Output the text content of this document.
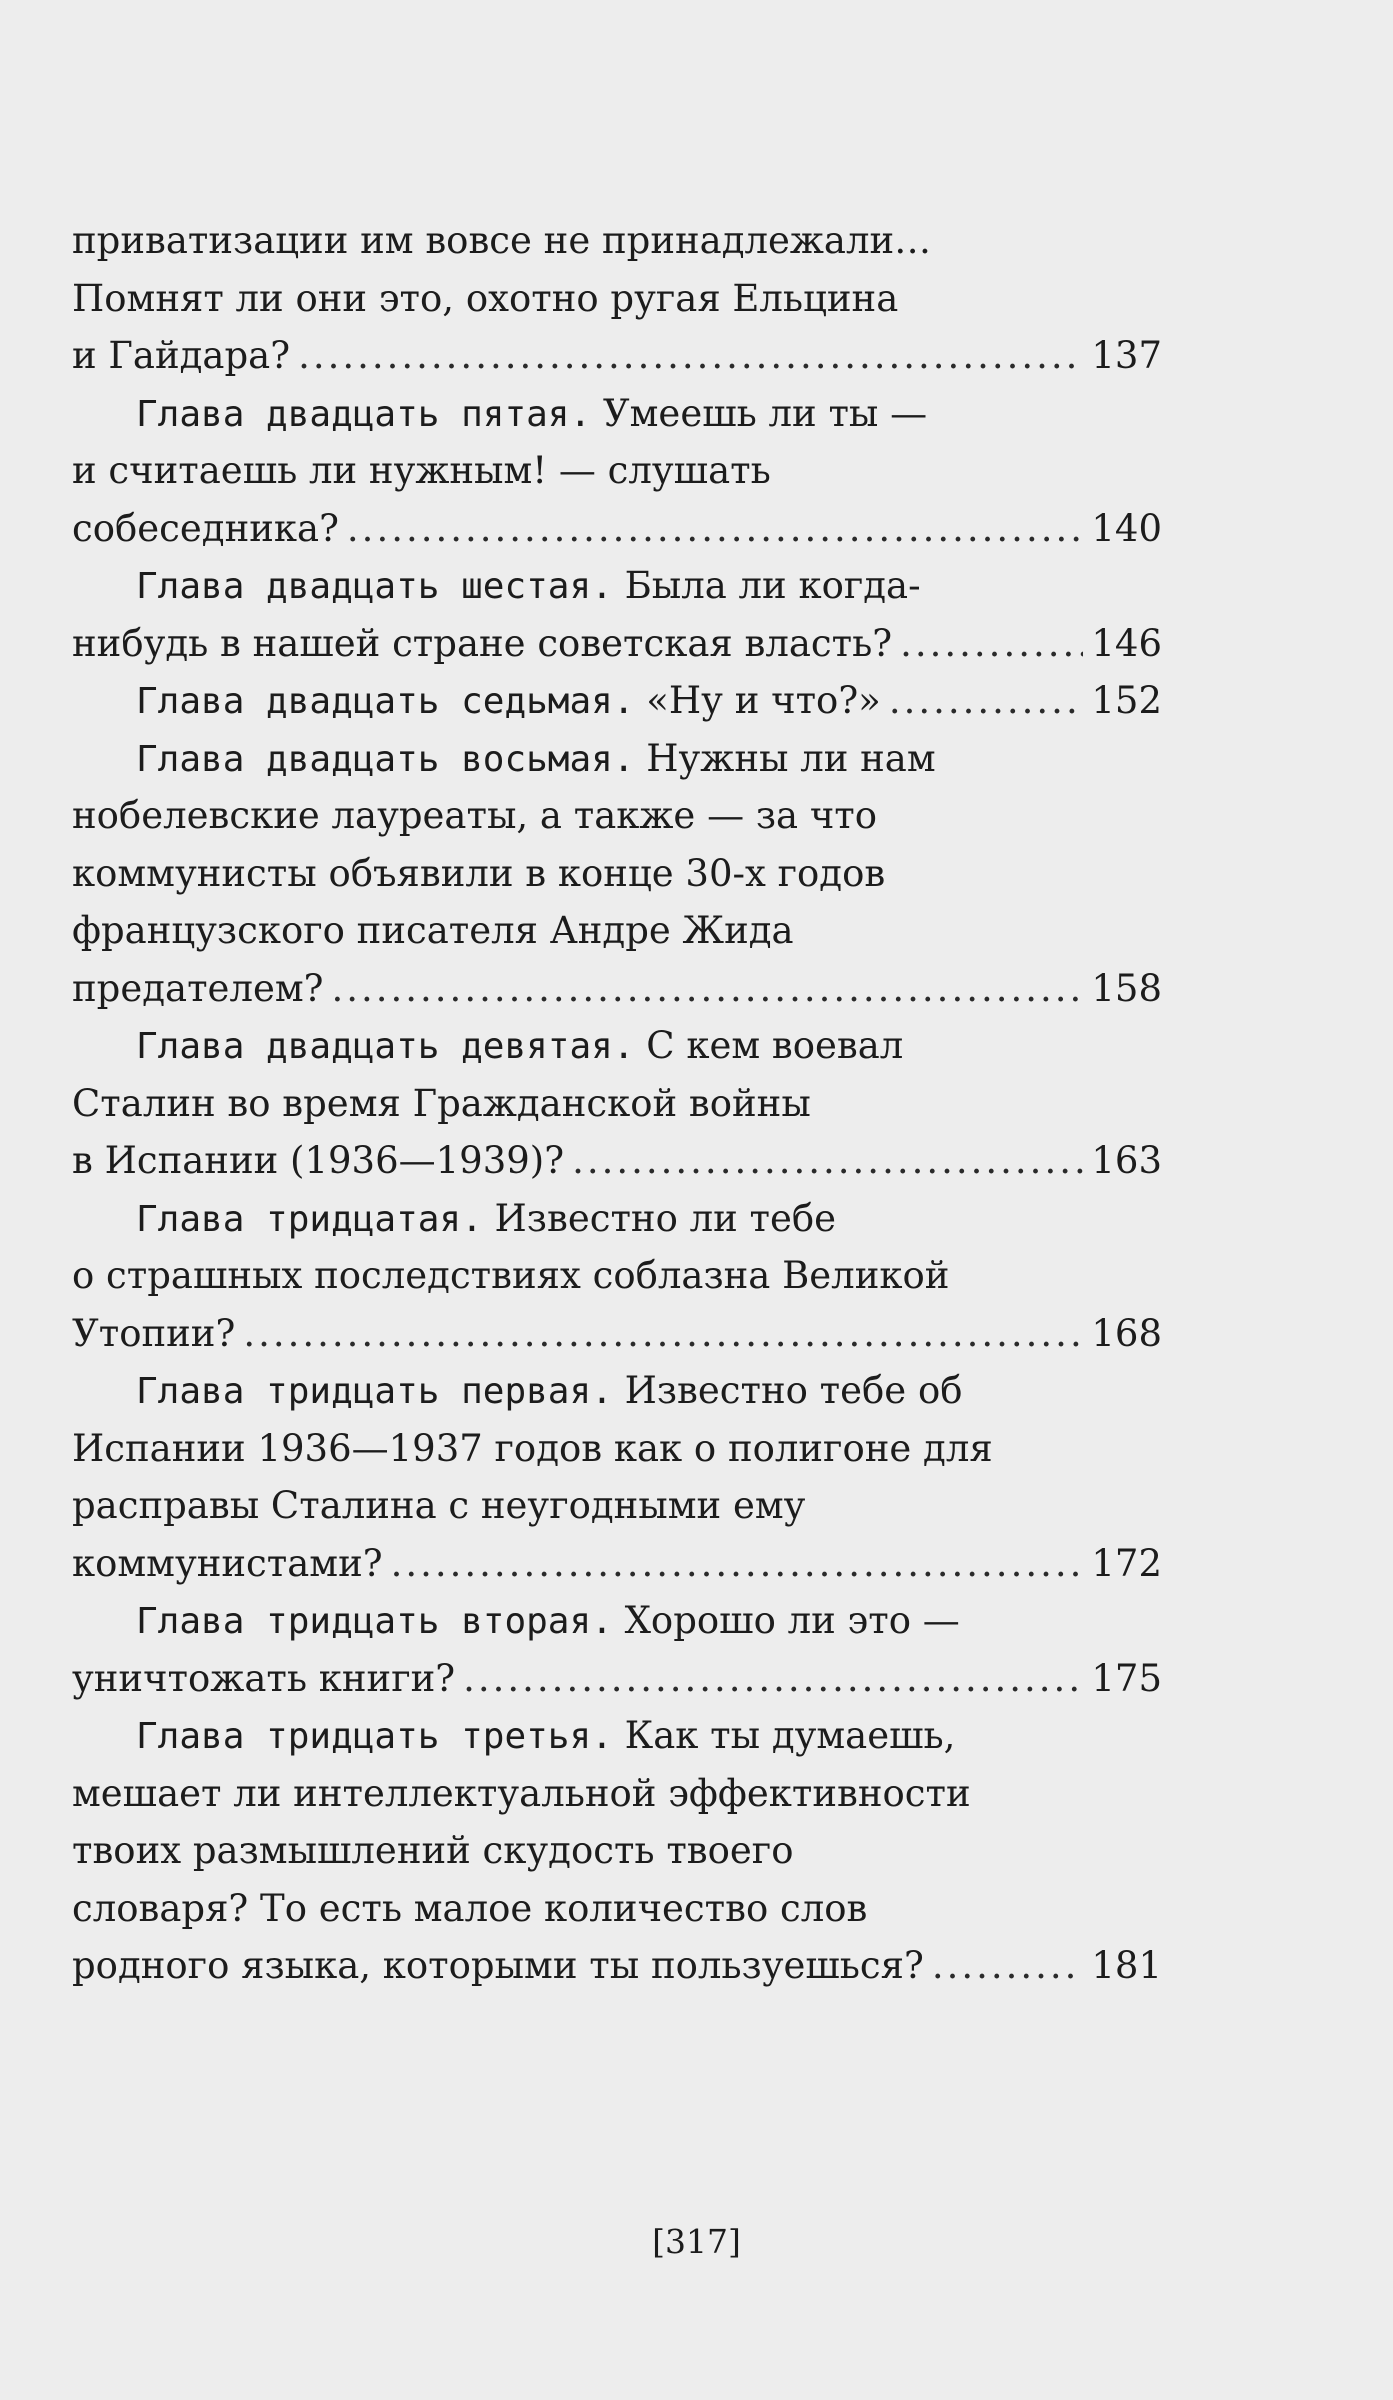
приватизации им вовсе не принадлежали…
Помнят ли они это, охотно ругая Ельцина
и Гайдара? .....	137
Глава двадцать пятая. Умеешь ли ты —
и считаешь ли нужным! — слушать
собеседника? .....	140
Глава двадцать шестая. Была ли когда-
нибудь в нашей стране советская власть? .....	146
Глава двадцать седьмая. «Ну и что?» .....	152
Глава двадцать восьмая. Нужны ли нам
нобелевские лауреаты, а также — за что
коммунисты объявили в конце 30-х годов
французского писателя Андре Жида
предателем? .....	158
Глава двадцать девятая. С кем воевал
Сталин во время Гражданской войны
в Испании (1936—1939)? .....	163
Глава тридцатая. Известно ли тебе
о страшных последствиях соблазна Великой
Утопии? .....	168
Глава тридцать первая. Известно тебе об
Испании 1936—1937 годов как о полигоне для
расправы Сталина с неугодными ему
коммунистами? .....	172
Глава тридцать вторая. Хорошо ли это —
уничтожать книги? .....	175
Глава тридцать третья. Как ты думаешь,
мешает ли интеллектуальной эффективности
твоих размышлений скудость твоего
словаря? То есть малое количество слов
родного языка, которыми ты пользуешься? .....	181
[317]
